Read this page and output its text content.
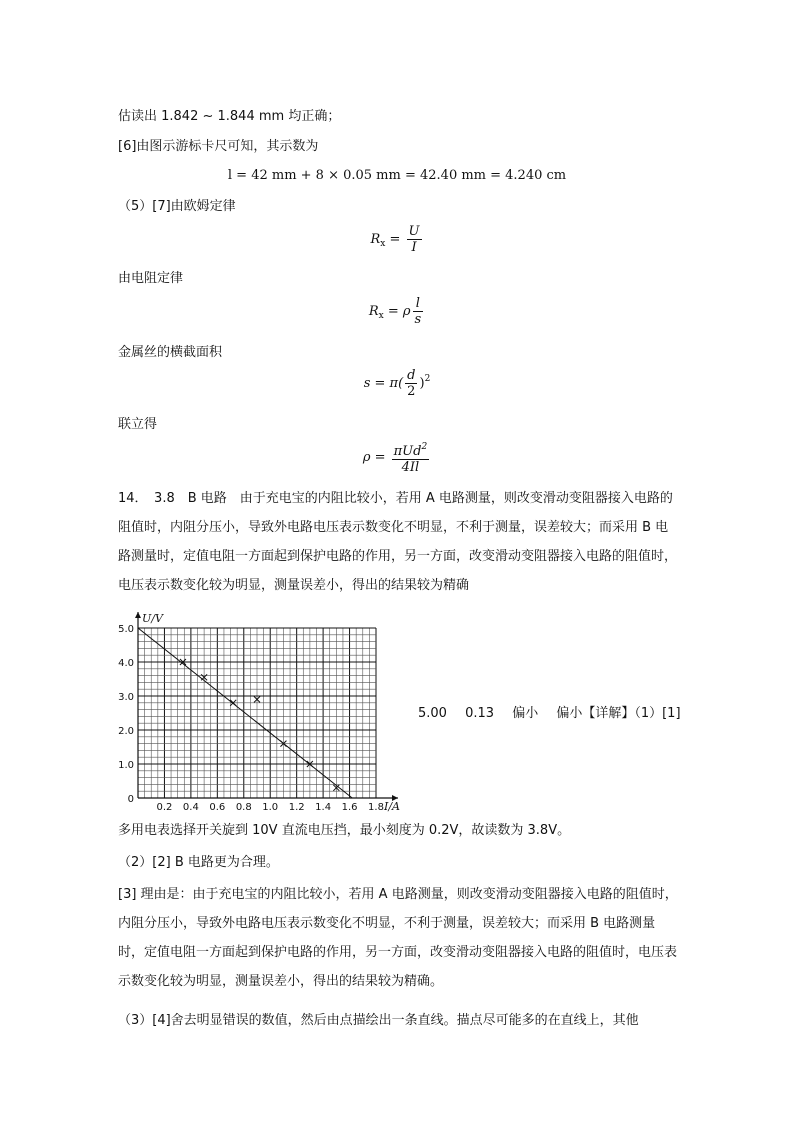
估读出 1.842 ~ 1.844 mm 均正确；
[6]由图示游标卡尺可知，其示数为
l = 42 mm + 8 × 0.05 mm = 42.40 mm = 4.240 cm
（5）[7]由欧姆定律
$R_x = \frac{U}{I}$
由电阻定律
$R_x = \rho \frac{l}{s}$
金属丝的横截面积
$s = \pi( \frac{d}{2} )^2$
联立得
$\rho = \frac{\pi Ud^2}{4Il}$
14．　3.8　B 电路　由于充电宝的内阻比较小，若用 A 电路测量，则改变滑动变阻器接入电路的阻值时，内阻分压小，导致外电路电压表示数变化不明显，不利于测量，误差较大；而采用 B 电路测量时，定值电阻一方面起到保护电路的作用，另一方面，改变滑动变阻器接入电路的阻值时，电压表示数变化较为明显，测量误差小，得出的结果较为精确
0.2 0.4 0.6 0.8 1.0 1.2 1.4 1.6 1.8
0
1.0
2.0
3.0
4.0
5.0
U/V
I/A
5.00 0.13 偏小 偏小【详解】（1）[1]
多用电表选择开关旋到 10V 直流电压挡，最小刻度为 0.2V，故读数为 3.8V。
（2）[2] B 电路更为合理。
[3] 理由是：由于充电宝的内阻比较小，若用 A 电路测量，则改变滑动变阻器接入电路的阻值时，内阻分压小，导致外电路电压表示数变化不明显，不利于测量，误差较大；而采用 B 电路测量时，定值电阻一方面起到保护电路的作用，另一方面，改变滑动变阻器接入电路的阻值时，电压表示数变化较为明显，测量误差小，得出的结果较为精确。
（3）[4]舍去明显错误的数值，然后由点描绘出一条直线。描点尽可能多的在直线上，其他
